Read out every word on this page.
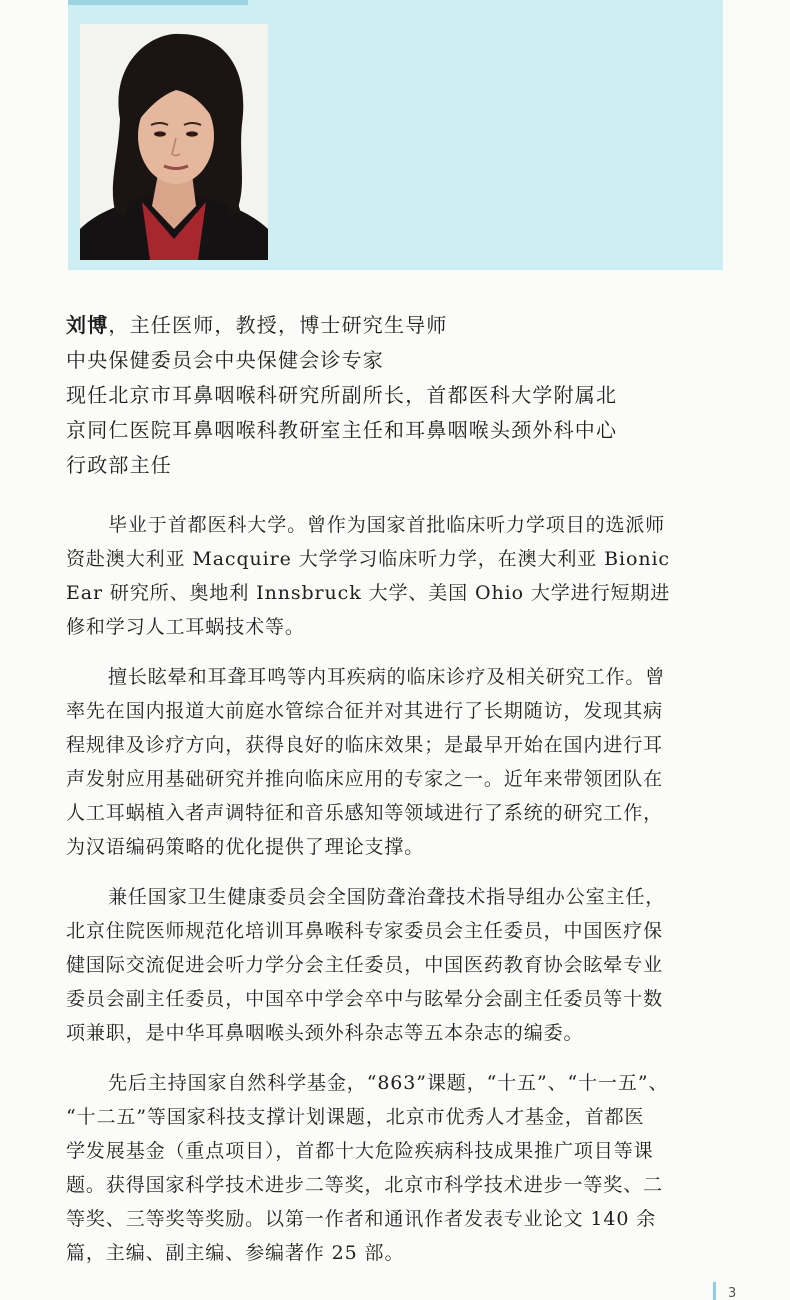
刘博，主任医师，教授，博士研究生导师
中央保健委员会中央保健会诊专家
现任北京市耳鼻咽喉科研究所副所长，首都医科大学附属北
京同仁医院耳鼻咽喉科教研室主任和耳鼻咽喉头颈外科中心
行政部主任
毕业于首都医科大学。曾作为国家首批临床听力学项目的选派师
资赴澳大利亚 Macquire 大学学习临床听力学，在澳大利亚 Bionic
Ear 研究所、奥地利 Innsbruck 大学、美国 Ohio 大学进行短期进
修和学习人工耳蜗技术等。
擅长眩晕和耳聋耳鸣等内耳疾病的临床诊疗及相关研究工作。曾
率先在国内报道大前庭水管综合征并对其进行了长期随访，发现其病
程规律及诊疗方向，获得良好的临床效果；是最早开始在国内进行耳
声发射应用基础研究并推向临床应用的专家之一。近年来带领团队在
人工耳蜗植入者声调特征和音乐感知等领域进行了系统的研究工作，
为汉语编码策略的优化提供了理论支撑。
兼任国家卫生健康委员会全国防聋治聋技术指导组办公室主任，
北京住院医师规范化培训耳鼻喉科专家委员会主任委员，中国医疗保
健国际交流促进会听力学分会主任委员，中国医药教育协会眩晕专业
委员会副主任委员，中国卒中学会卒中与眩晕分会副主任委员等十数
项兼职，是中华耳鼻咽喉头颈外科杂志等五本杂志的编委。
先后主持国家自然科学基金，“863”课题，“十五”、“十一五”、
“十二五”等国家科技支撑计划课题，北京市优秀人才基金，首都医
学发展基金（重点项目），首都十大危险疾病科技成果推广项目等课
题。获得国家科学技术进步二等奖，北京市科学技术进步一等奖、二
等奖、三等奖等奖励。以第一作者和通讯作者发表专业论文 140 余
篇，主编、副主编、参编著作 25 部。
3
